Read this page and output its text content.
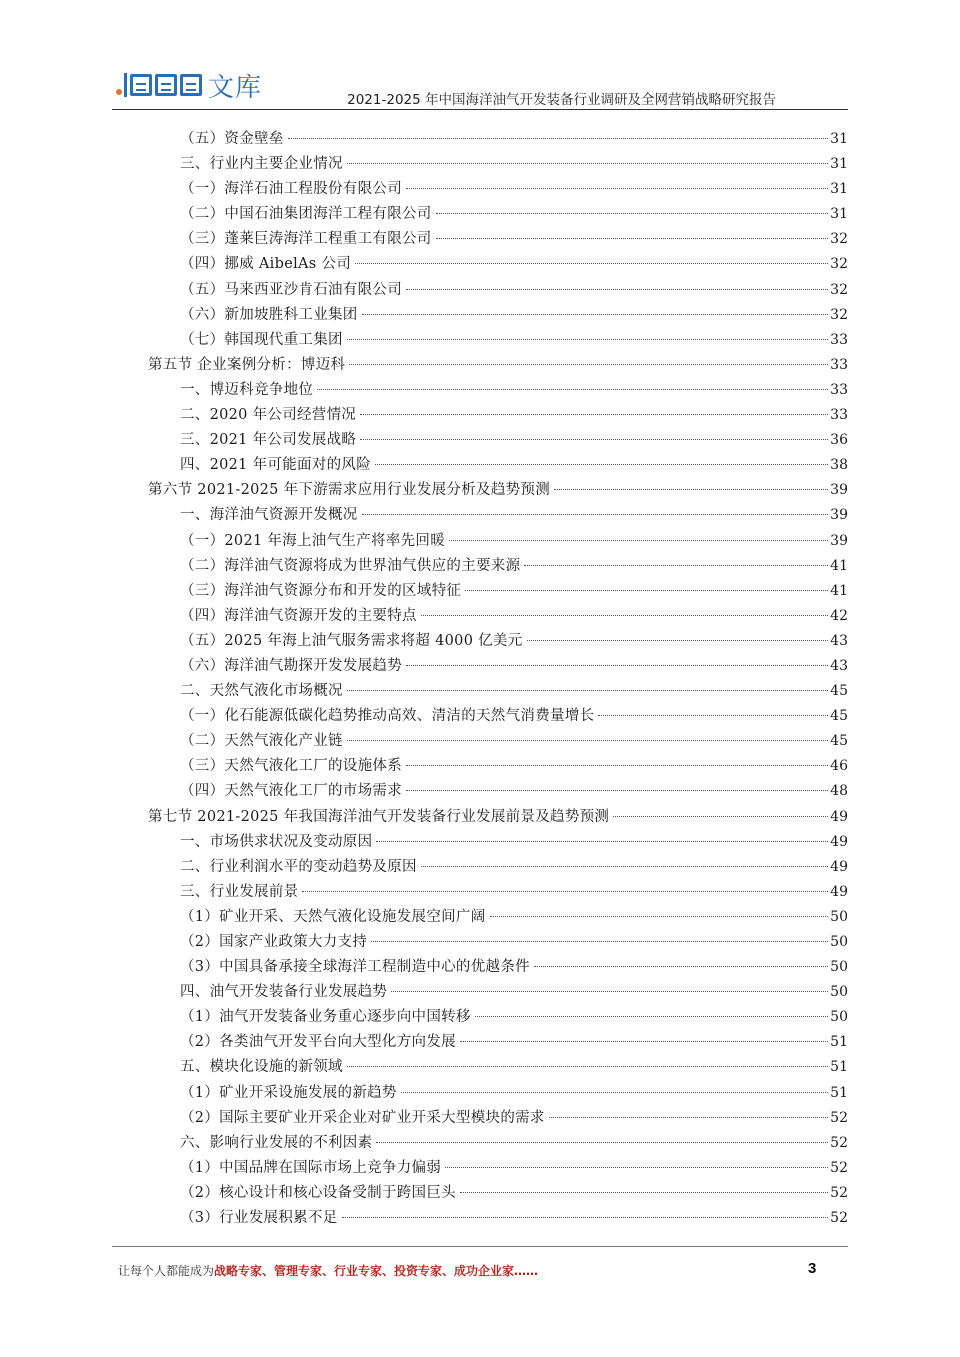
文库	2021-2025 年中国海洋油气开发装备行业调研及全网营销战略研究报告
（五）资金壁垒	31
三、行业内主要企业情况	31
（一）海洋石油工程股份有限公司	31
（二）中国石油集团海洋工程有限公司	31
（三）蓬莱巨涛海洋工程重工有限公司	32
（四）挪威 AibelAs 公司	32
（五）马来西亚沙肯石油有限公司	32
（六）新加坡胜科工业集团	32
（七）韩国现代重工集团	33
第五节 企业案例分析：博迈科	33
一、博迈科竞争地位	33
二、2020 年公司经营情况	33
三、2021 年公司发展战略	36
四、2021 年可能面对的风险	38
第六节 2021-2025 年下游需求应用行业发展分析及趋势预测	39
一、海洋油气资源开发概况	39
（一）2021 年海上油气生产将率先回暖	39
（二）海洋油气资源将成为世界油气供应的主要来源	41
（三）海洋油气资源分布和开发的区域特征	41
（四）海洋油气资源开发的主要特点	42
（五）2025 年海上油气服务需求将超 4000 亿美元	43
（六）海洋油气勘探开发发展趋势	43
二、天然气液化市场概况	45
（一）化石能源低碳化趋势推动高效、清洁的天然气消费量增长	45
（二）天然气液化产业链	45
（三）天然气液化工厂的设施体系	46
（四）天然气液化工厂的市场需求	48
第七节 2021-2025 年我国海洋油气开发装备行业发展前景及趋势预测	49
一、市场供求状况及变动原因	49
二、行业利润水平的变动趋势及原因	49
三、行业发展前景	49
（1）矿业开采、天然气液化设施发展空间广阔	50
（2）国家产业政策大力支持	50
（3）中国具备承接全球海洋工程制造中心的优越条件	50
四、油气开发装备行业发展趋势	50
（1）油气开发装备业务重心逐步向中国转移	50
（2）各类油气开发平台向大型化方向发展	51
五、模块化设施的新领域	51
（1）矿业开采设施发展的新趋势	51
（2）国际主要矿业开采企业对矿业开采大型模块的需求	52
六、影响行业发展的不利因素	52
（1）中国品牌在国际市场上竞争力偏弱	52
（2）核心设计和核心设备受制于跨国巨头	52
（3）行业发展积累不足	52
让每个人都能成为战略专家、管理专家、行业专家、投资专家、成功企业家……	3
